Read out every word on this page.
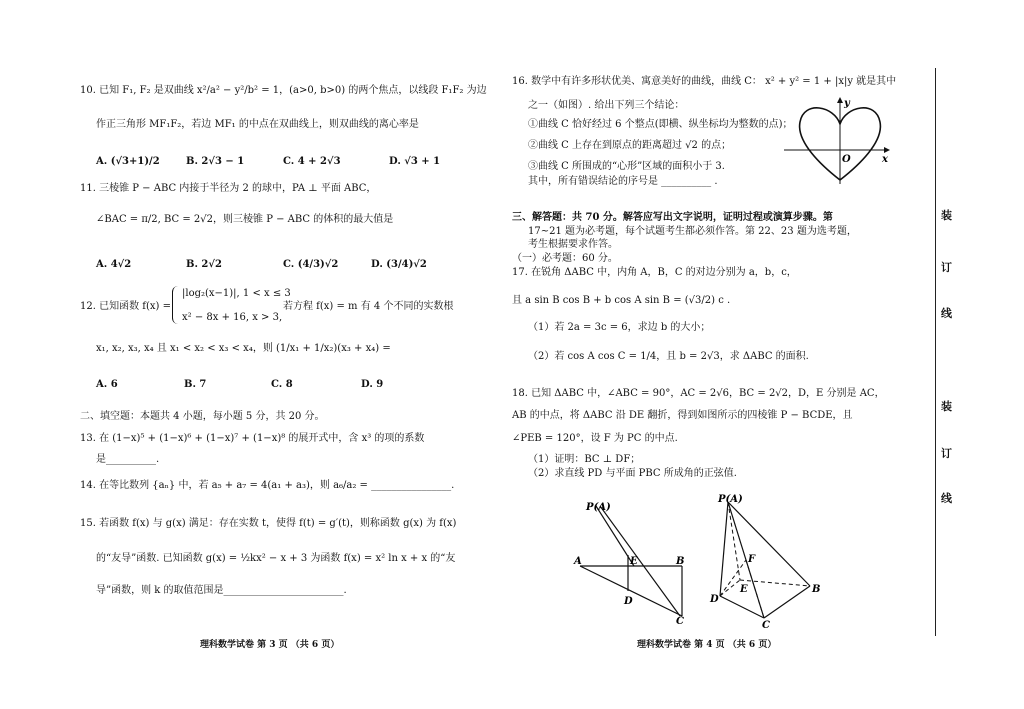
10. 已知 F₁, F₂ 是双曲线 x²/a² − y²/b² = 1，(a>0, b>0) 的两个焦点，以线段 F₁F₂ 为边
作正三角形 MF₁F₂，若边 MF₁ 的中点在双曲线上，则双曲线的离心率是
A. (√3+1)/2	B. 2√3 − 1	C. 4 + 2√3	D. √3 + 1
11. 三棱锥 P − ABC 内接于半径为 2 的球中，PA ⊥ 平面 ABC，
∠BAC = π/2, BC = 2√2，则三棱锥 P − ABC 的体积的最大值是
A. 4√2	B. 2√2	C. (4/3)√2	D. (3/4)√2
12. 已知函数 f(x) =
|log₂(x−1)|, 1 < x ≤ 3
x² − 8x + 16, x > 3,
若方程 f(x) = m 有 4 个不同的实数根
x₁, x₂, x₃, x₄ 且 x₁ < x₂ < x₃ < x₄，则 (1/x₁ + 1/x₂)(x₃ + x₄) =
A. 6	B. 7	C. 8	D. 9
二、填空题：本题共 4 小题，每小题 5 分，共 20 分。
13. 在 (1−x)⁵ + (1−x)⁶ + (1−x)⁷ + (1−x)⁸ 的展开式中，含 x³ 的项的系数
是__________.
14. 在等比数列 {aₙ} 中，若 a₅ + a₇ = 4(a₁ + a₃)，则 a₆/a₂ = ________________.
15. 若函数 f(x) 与 g(x) 满足：存在实数 t，使得 f(t) = g′(t)，则称函数 g(x) 为 f(x)
的“友导”函数. 已知函数 g(x) = ½kx² − x + 3 为函数 f(x) = x² ln x + x 的“友
导”函数，则 k 的取值范围是________________________.
理科数学试卷 第 3 页 （共 6 页）
16. 数学中有许多形状优美、寓意美好的曲线，曲线 C： x² + y² = 1 + |x|y 就是其中
之一（如图）. 给出下列三个结论：
①曲线 C 恰好经过 6 个整点(即横、纵坐标均为整数的点)；
②曲线 C 上存在到原点的距离超过 √2 的点；
③曲线 C 所围成的“心形”区域的面积小于 3.
其中，所有错误结论的序号是 __________ .
y
x
O
三、解答题：共 70 分。解答应写出文字说明，证明过程或演算步骤。第
17~21 题为必考题，每个试题考生都必须作答。第 22、23 题为选考题，
考生根据要求作答。
（一）必考题：60 分。
17. 在锐角 ΔABC 中，内角 A，B，C 的对边分别为 a，b，c，
且 a sin B cos B + b cos A sin B = (√3/2) c .
（1）若 2a = 3c = 6，求边 b 的大小；
（2）若 cos A cos C = 1/4，且 b = 2√3，求 ΔABC 的面积.
18. 已知 ΔABC 中，∠ABC = 90°，AC = 2√6，BC = 2√2，D，E 分别是 AC，
AB 的中点，将 ΔABC 沿 DE 翻折，得到如图所示的四棱锥 P − BCDE，且
∠PEB = 120°，设 F 为 PC 的中点.
（1）证明：BC ⊥ DF；
（2）求直线 PD 与平面 PBC 所成角的正弦值.
P(A)
A	E	B
D
C
P(A)
F
E
D
B
C
理科数学试卷 第 4 页 （共 6 页）
装
订
线
装
订
线
